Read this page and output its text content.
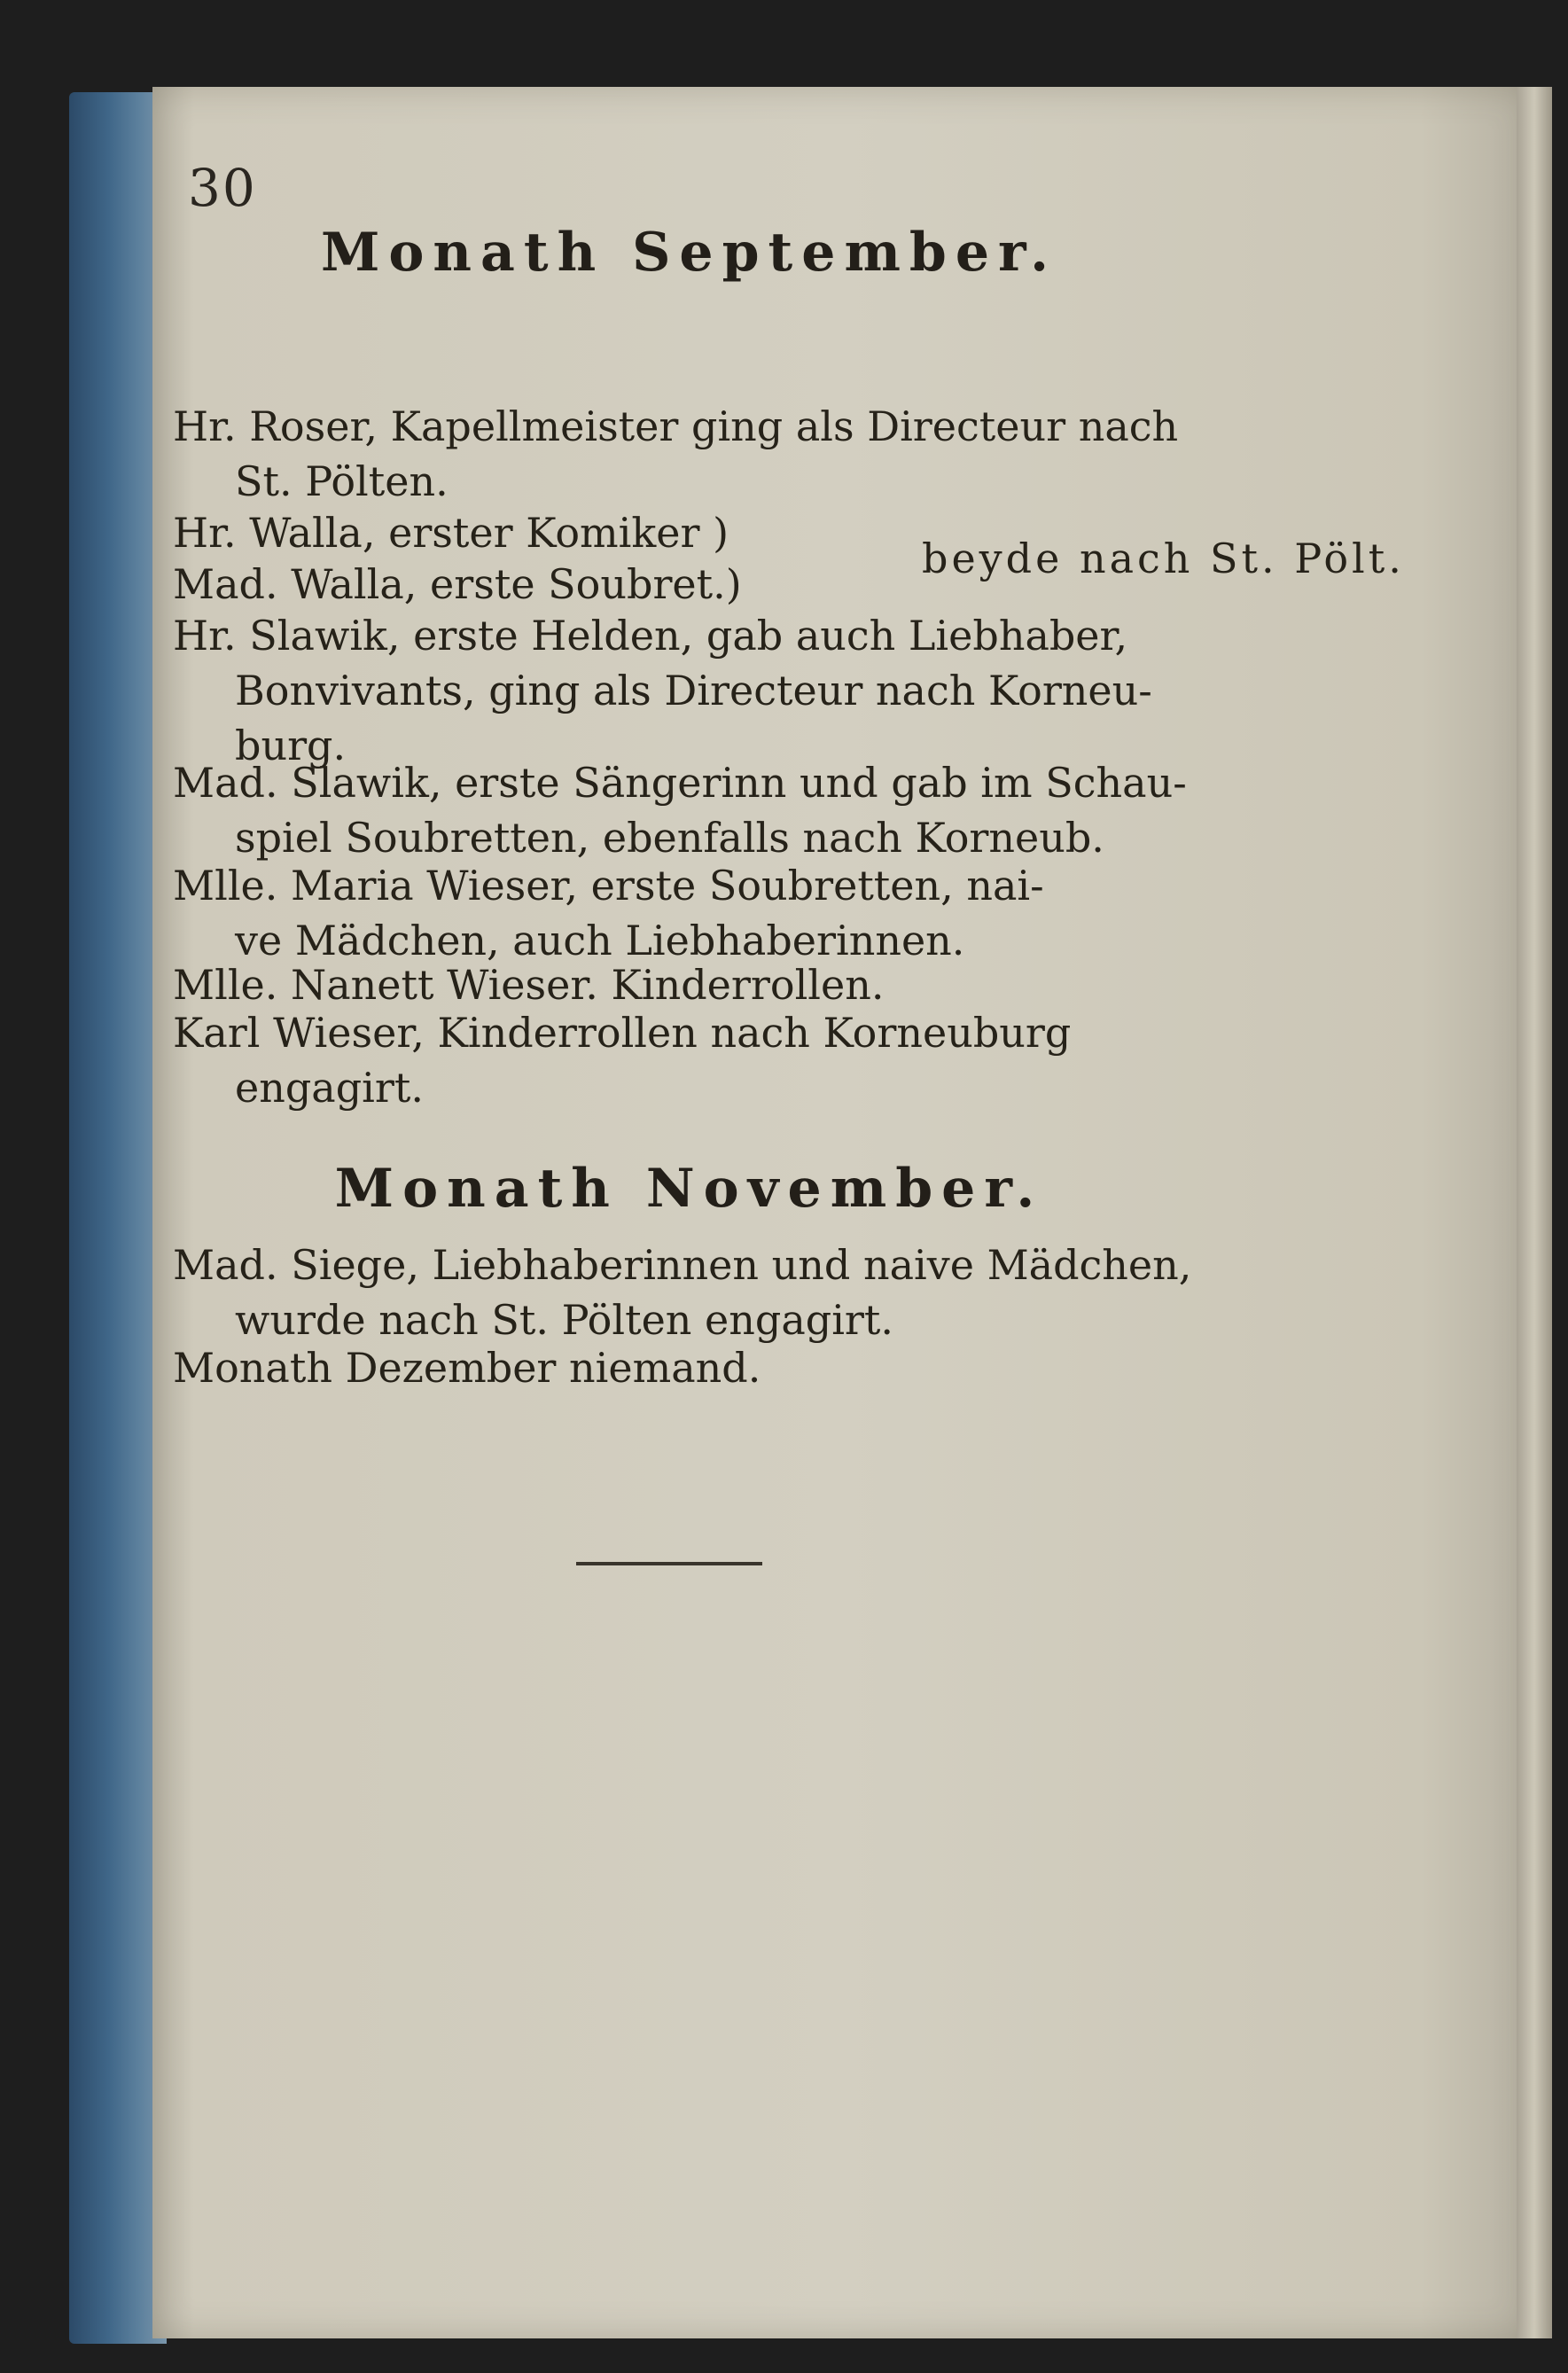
30
Monath September.
Hr. Roser, Kapellmeister ging als Directeur nach
St. Pölten.
Hr. Walla, erster Komiker )
Mad. Walla, erste Soubret.)
beyde nach St. Pölt.
Hr. Slawik, erste Helden, gab auch Liebhaber,
Bonvivants, ging als Directeur nach Korneu-
burg.
Mad. Slawik, erste Sängerinn und gab im Schau-
spiel Soubretten, ebenfalls nach Korneub.
Mlle. Maria Wieser, erste Soubretten, nai-
ve Mädchen, auch Liebhaberinnen.
Mlle. Nanett Wieser. Kinderrollen.
Karl Wieser, Kinderrollen nach Korneuburg
engagirt.
Monath November.
Mad. Siege, Liebhaberinnen und naive Mädchen,
wurde nach St. Pölten engagirt.
Monath Dezember niemand.
